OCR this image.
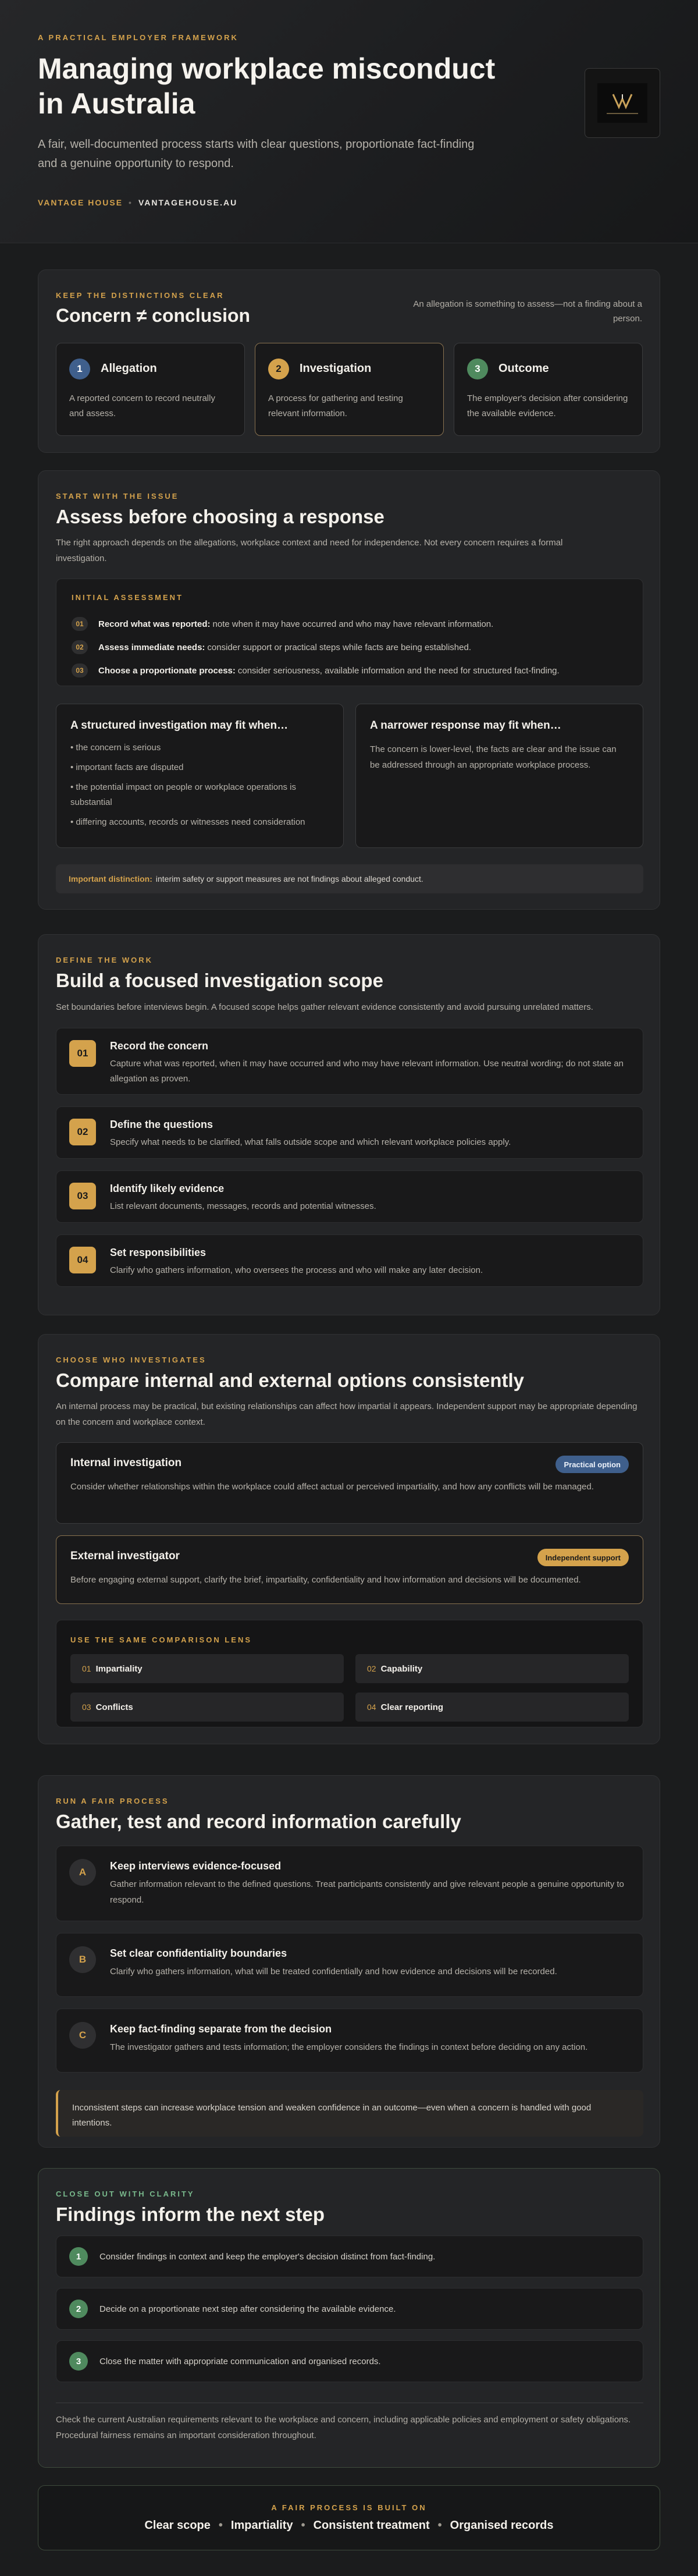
A PRACTICAL EMPLOYER FRAMEWORK
Managing workplace misconduct in Australia
A fair, well-documented process starts with clear questions, proportionate fact-finding and a genuine opportunity to respond.
VANTAGE HOUSE • VANTAGEHOUSE.AU
KEEP THE DISTINCTIONS CLEAR
Concern ≠ conclusion
An allegation is something to assess—not a finding about a person.
1	Allegation
A reported concern to record neutrally and assess.
2	Investigation
A process for gathering and testing relevant information.
3	Outcome
The employer's decision after considering the available evidence.
START WITH THE ISSUE
Assess before choosing a response
The right approach depends on the allegations, workplace context and need for independence. Not every concern requires a formal investigation.
INITIAL ASSESSMENT
01	Record what was reported: note when it may have occurred and who may have relevant information.
02	Assess immediate needs: consider support or practical steps while facts are being established.
03	Choose a proportionate process: consider seriousness, available information and the need for structured fact-finding.
A structured investigation may fit when…
• the concern is serious
• important facts are disputed
• the potential impact on people or workplace operations is substantial
• differing accounts, records or witnesses need consideration
A narrower response may fit when…
The concern is lower-level, the facts are clear and the issue can be addressed through an appropriate workplace process.
Important distinction: interim safety or support measures are not findings about alleged conduct.
DEFINE THE WORK
Build a focused investigation scope
Set boundaries before interviews begin. A focused scope helps gather relevant evidence consistently and avoid pursuing unrelated matters.
01
Record the concern
Capture what was reported, when it may have occurred and who may have relevant information. Use neutral wording; do not state an allegation as proven.
02
Define the questions
Specify what needs to be clarified, what falls outside scope and which relevant workplace policies apply.
03
Identify likely evidence
List relevant documents, messages, records and potential witnesses.
04
Set responsibilities
Clarify who gathers information, who oversees the process and who will make any later decision.
CHOOSE WHO INVESTIGATES
Compare internal and external options consistently
An internal process may be practical, but existing relationships can affect how impartial it appears. Independent support may be appropriate depending on the concern and workplace context.
Internal investigation	Practical option
Consider whether relationships within the workplace could affect actual or perceived impartiality, and how any conflicts will be managed.
External investigator	Independent support
Before engaging external support, clarify the brief, impartiality, confidentiality and how information and decisions will be documented.
USE THE SAME COMPARISON LENS
01 Impartiality	02 Capability
03 Conflicts	04 Clear reporting
RUN A FAIR PROCESS
Gather, test and record information carefully
A
Keep interviews evidence-focused
Gather information relevant to the defined questions. Treat participants consistently and give relevant people a genuine opportunity to respond.
B
Set clear confidentiality boundaries
Clarify who gathers information, what will be treated confidentially and how evidence and decisions will be recorded.
C
Keep fact-finding separate from the decision
The investigator gathers and tests information; the employer considers the findings in context before deciding on any action.
Inconsistent steps can increase workplace tension and weaken confidence in an outcome—even when a concern is handled with good intentions.
CLOSE OUT WITH CLARITY
Findings inform the next step
1	Consider findings in context and keep the employer's decision distinct from fact-finding.
2	Decide on a proportionate next step after considering the available evidence.
3	Close the matter with appropriate communication and organised records.
Check the current Australian requirements relevant to the workplace and concern, including applicable policies and employment or safety obligations. Procedural fairness remains an important consideration throughout.
A FAIR PROCESS IS BUILT ON
Clear scope • Impartiality • Consistent treatment • Organised records
